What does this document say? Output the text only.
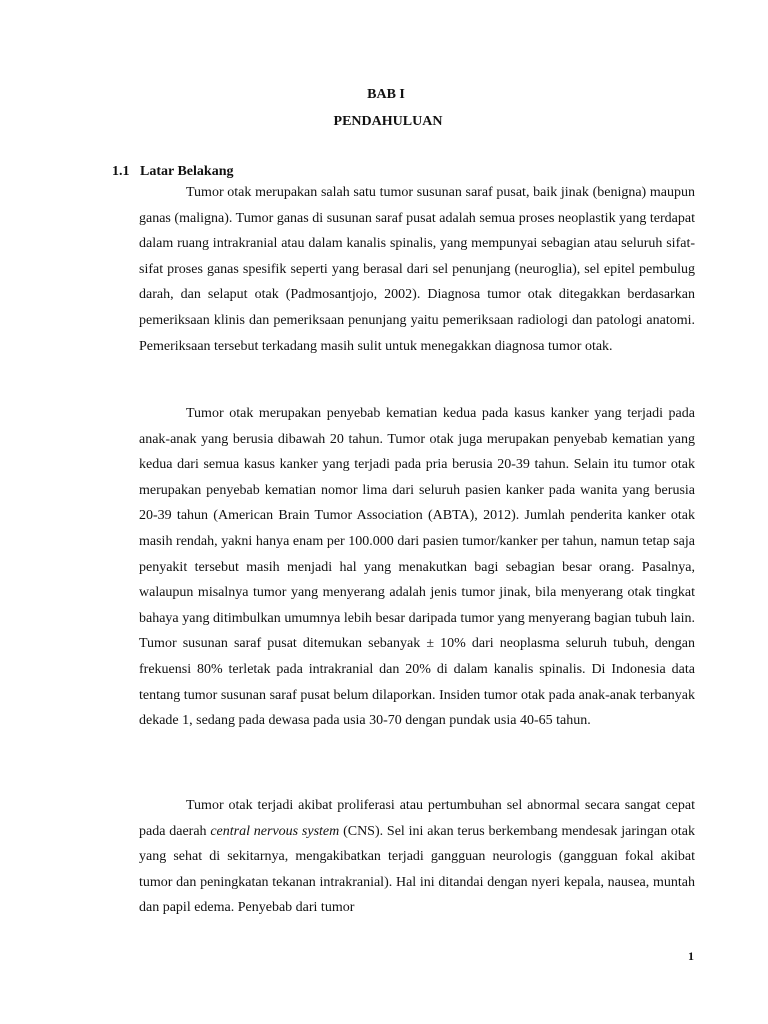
BAB I
PENDAHULUAN
1.1 Latar Belakang

Tumor otak merupakan salah satu tumor susunan saraf pusat, baik jinak (benigna) maupun ganas (maligna). Tumor ganas di susunan saraf pusat adalah semua proses neoplastik yang terdapat dalam ruang intrakranial atau dalam kanalis spinalis, yang mempunyai sebagian atau seluruh sifat-sifat proses ganas spesifik seperti yang berasal dari sel penunjang (neuroglia), sel epitel pembulug darah, dan selaput otak (Padmosantjojo, 2002). Diagnosa tumor otak ditegakkan berdasarkan pemeriksaan klinis dan pemeriksaan penunjang yaitu pemeriksaan radiologi dan patologi anatomi. Pemeriksaan tersebut terkadang masih sulit untuk menegakkan diagnosa tumor otak.

Tumor otak merupakan penyebab kematian kedua pada kasus kanker yang terjadi pada anak-anak yang berusia dibawah 20 tahun. Tumor otak juga merupakan penyebab kematian yang kedua dari semua kasus kanker yang terjadi pada pria berusia 20-39 tahun. Selain itu tumor otak merupakan penyebab kematian nomor lima dari seluruh pasien kanker pada wanita yang berusia 20-39 tahun (American Brain Tumor Association (ABTA), 2012). Jumlah penderita kanker otak masih rendah, yakni hanya enam per 100.000 dari pasien tumor/kanker per tahun, namun tetap saja penyakit tersebut masih menjadi hal yang menakutkan bagi sebagian besar orang. Pasalnya, walaupun misalnya tumor yang menyerang adalah jenis tumor jinak, bila menyerang otak tingkat bahaya yang ditimbulkan umumnya lebih besar daripada tumor yang menyerang bagian tubuh lain. Tumor susunan saraf pusat ditemukan sebanyak ± 10% dari neoplasma seluruh tubuh, dengan frekuensi 80% terletak pada intrakranial dan 20% di dalam kanalis spinalis. Di Indonesia data tentang tumor susunan saraf pusat belum dilaporkan. Insiden tumor otak pada anak-anak terbanyak dekade 1, sedang pada dewasa pada usia 30-70 dengan pundak usia 40-65 tahun.

Tumor otak terjadi akibat proliferasi atau pertumbuhan sel abnormal secara sangat cepat pada daerah central nervous system (CNS). Sel ini akan terus berkembang mendesak jaringan otak yang sehat di sekitarnya, mengakibatkan terjadi gangguan neurologis (gangguan fokal akibat tumor dan peningkatan tekanan intrakranial). Hal ini ditandai dengan nyeri kepala, nausea, muntah dan papil edema. Penyebab dari tumor

1
